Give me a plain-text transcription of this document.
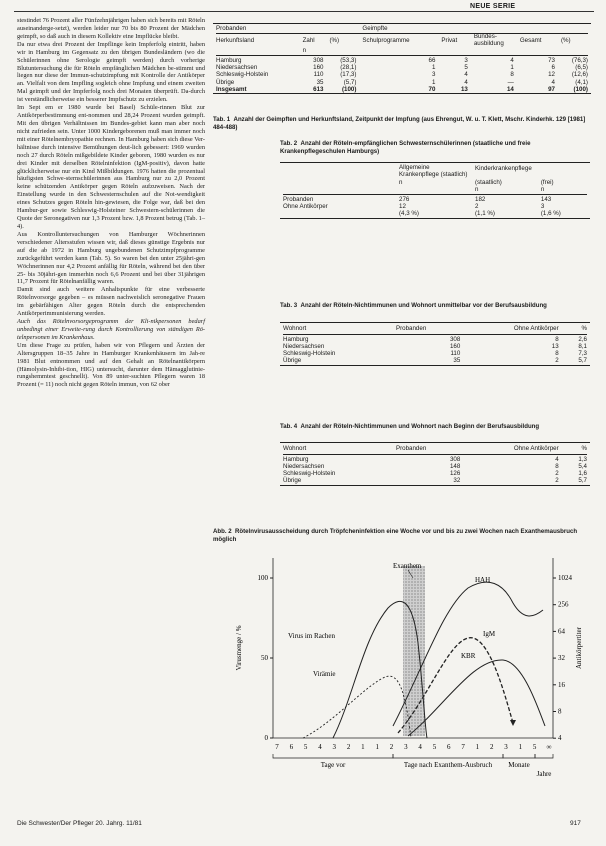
NEUE SERIE

stestindet 76 Prozent aller Fünfzehnjährigen haben sich bereits mit Röteln auseinanderge-setzt), werden leider nur 70 bis 80 Prozent der Mädchen geimpft, so daß auch in diesem Kollektiv eine Impflücke bleibt.

Da nur etwa drei Prozent der Impflinge kein Impferfolg eintritt, haben wir in Hamburg im Gegensatz zu den übrigen Bundesländern (wo die Schülerinnen ohne Serologie geimpft werden) durch vorherige Blutuntersuchung die für Röteln empfänglichen Mädchen be-stimmt und liegen nur diese der Immun-schutzimpfung mit Kontrolle der Antikörper an. Vielfalt von dem Impfling sogleich ohne Impfung und einem zweiten Mal geimpft und der Impferfolg noch drei Monaten überprüft. Da-durch ist verständlicherweise ein besserer Impfschutz zu erzielen.

Im Sept em er 1980 wurde bei Basel) Schüle-rinnen Blut zur Antikörperbestimmung ent-nommen und 28,24 Prozent wurden geimpft. Mit den übrigen Verhältnissen im Bundes-gebiet kann man aber noch nicht zufrieden sein. Unter 1000 Kindergeborenen muß man immer noch mit einer Rötelnembryopathie rechnen. In Hamburg haben sich diese Ver-hältnisse durch intensive Bemühungen deut-lich gebessert: 1969 wurden noch 27 durch Röteln mißgebildete Kinder geboren, 1980 wurden es nur drei Kinder mit derselben Rötelninfektion (IgM-positiv), davon hatte glücklicherweise nur ein Kind Mißbildungen. 1976 hatten die prozentual häufigsten Schwe-sternschülerinnen aus Hamburg nur zu 2,0 Prozent keine schützenden Antikörper gegen Röteln aufzuweisen. Nach der Einstellung wurde in den Schwesternschulen auf die Not-wendigkeit eines Schutzes gegen Röteln hin-gewiesen, die Folge war, daß bei den Hambur-ger sowie Schleswig-Holsteiner Schwestern-schülerinnen die Quote der Seronegativen nur 1,3 Prozent bzw. 1,8 Prozent betrug (Tab. 1–4).

Aus Kontrolluntersuchungen von Hamburger Wöchnerinnen verschiedener Altersstufen wissen wir, daß dieses günstige Ergebnis nur auf die ab 1972 in Hamburg ungebundenen Schutzimpfprogramme zurückgeführt werden kann (Tab. 5). So waren bei den unter 25jähri-gen Wöchnerinnen nur 4,2 Prozent anfällig für Röteln, während bei den über 25- bis 30jähri-gen immerhin noch 6,6 Prozent und bei über 31jährigen 11,7 Prozent für Rötelnanfällig waren.

Damit sind auch weitere Anhaltspunkte für eine verbesserte Rötelnvorsorge gegeben – es müssen nachweislich seronegative Frauen im gebärfähigen Alter gegen Röteln durch die entsprechenden Antikörperimmunisierung werden.

Auch das Rötelnvorsorgeprogramm der Kli-nikpersonen bedarf unbedingt einer Erweite-rung durch Kontrollierung von ständigen Rö-telnpersonen im Krankenhaus.

Um diese Frage zu prüfen, haben wir von Pflegern und Ärzten der Altersgruppen 18–35 Jahre in Hamburger Krankenhäusern im Jah-re 1981 Blut entnommen und auf den Gehalt an Rötelnantikörpern (Hämolysin-Inhibi-tion, HIG) untersucht, darunter dem Hämagglutinie-rungshemmtest geschnellt). Von 89 unter-suchten Pflegern waren 18 Prozent (= 11) noch nicht gegen Röteln immun, von 62 ober

Probanden			Geimpfte				

Herkunftsland	Zahl	(%)	Schulprogramme	Privat	Bundes-ausbildung	Gesamt	(%)
	n						

Hamburg	308	(53,3)	66	3	4	73	(76,3)
Niedersachsen	160	(28,1)	1	5	1	6	(6,5)
Schleswig-Holstein	110	(17,3)	3	4	8	12	(12,6)
Übrige	35	(5,7)	1	4	—	4	(4,1)
Insgesamt	613	(100)	70	13	14	97	(100)
Tab. 1 Anzahl der Geimpften und Herkunftsland, Zeitpunkt der Impfung (aus Ehrengut, W. u. T. Klett, Mschr. Kinderhk. 129 [1981] 484-488)
Tab. 2 Anzahl der Röteln-empfänglichen Schwesternschülerinnen (staatliche und freie Krankenpflegeschulen Hamburgs)
	Allgemeine Krankenpflege (staatlich)	Kinderkrankenpflege	
	n	(staatlich)	(frei)
		n	n

Probanden	276	182	143
Ohne Antikörper	12	2	3
	(4,3 %)	(1,1 %)	(1,6 %)
Tab. 3 Anzahl der Röteln-Nichtimmunen und Wohnort unmittelbar vor der Berufsausbildung
Wohnort	Probanden	Ohne Antikörper	%

Hamburg	308	8	2,6
Niedersachsen	160	13	8,1
Schleswig-Holstein	110	8	7,3
Übrige	35	2	5,7
Tab. 4 Anzahl der Röteln-Nichtimmunen und Wohnort nach Beginn der Berufsausbildung
Wohnort	Probanden	Ohne Antikörper	%

Hamburg	308	4	1,3
Niedersachsen	148	8	5,4
Schleswig-Holstein	126	2	1,6
Übrige	32	2	5,7
Abb. 2 Rötelnvirusausscheidung durch Tröpfcheninfektion eine Woche vor und bis zu zwei Wochen nach Exanthemausbruch möglich
100
50
0
1024
256
64
32
16
8
4
Virusmenge / %	Antikörpertiter
Exanthem
Virus im Rachen
Virämie
HAH
IgM
KBR
7 6 5 4 3 2 1 1 2 3 4 5 6 7 1 2 3 1 5 ∞
Tage vor	Tage nach Exanthem-Ausbruch Monate
Jahre
Die Schwester/Der Pfleger 20. Jahrg. 11/81	917
